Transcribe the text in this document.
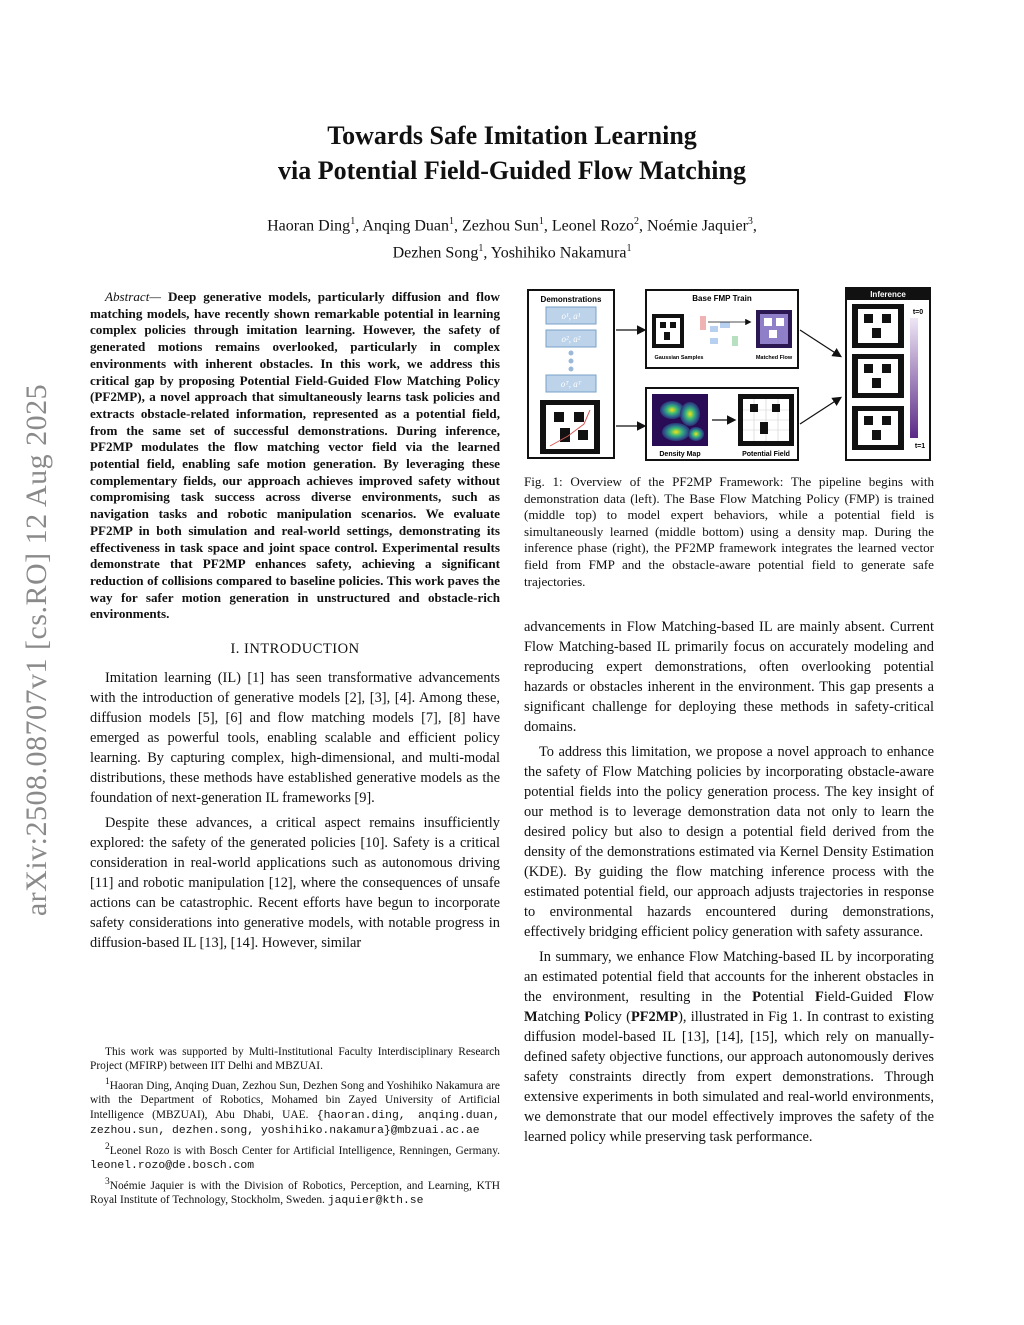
arXiv:2508.08707v1 [cs.RO] 12 Aug 2025
Towards Safe Imitation Learning
via Potential Field-Guided Flow Matching
Haoran Ding$^1$, Anqing Duan$^1$, Zezhou Sun$^1$, Leonel Rozo$^2$, Noémie Jaquier$^3$,
Dezhen Song$^1$, Yoshihiko Nakamura$^1$

Abstract— Deep generative models, particularly diffusion and flow matching models, have recently shown remarkable potential in learning complex policies through imitation learning. However, the safety of generated motions remains overlooked, particularly in complex environments with inherent obstacles. In this work, we address this critical gap by proposing Potential Field-Guided Flow Matching Policy (PF2MP), a novel approach that simultaneously learns task policies and extracts obstacle-related information, represented as a potential field, from the same set of successful demonstrations. During inference, PF2MP modulates the flow matching vector field via the learned potential field, enabling safe motion generation. By leveraging these complementary fields, our approach achieves improved safety without compromising task success across diverse environments, such as navigation tasks and robotic manipulation scenarios. We evaluate PF2MP in both simulation and real-world settings, demonstrating its effectiveness in task space and joint space control. Experimental results demonstrate that PF2MP enhances safety, achieving a significant reduction of collisions compared to baseline policies. This work paves the way for safer motion generation in unstructured and obstacle-rich environments.

I. INTRODUCTION

Imitation learning (IL) [1] has seen transformative advancements with the introduction of generative models [2], [3], [4]. Among these, diffusion models [5], [6] and flow matching models [7], [8] have emerged as powerful tools, enabling scalable and efficient policy learning. By capturing complex, high-dimensional, and multi-modal distributions, these methods have established generative models as the foundation of next-generation IL frameworks [9].

Despite these advances, a critical aspect remains insufficiently explored: the safety of the generated policies [10]. Safety is a critical consideration in real-world applications such as autonomous driving [11] and robotic manipulation [12], where the consequences of unsafe actions can be catastrophic. Recent efforts have begun to incorporate safety considerations into generative models, with notable progress in diffusion-based IL [13], [14]. However, similar

This work was supported by Multi-Institutional Faculty Interdisciplinary Research Project (MFIRP) between IIT Delhi and MBZUAI.

$^1$Haoran Ding, Anqing Duan, Zezhou Sun, Dezhen Song and Yoshihiko Nakamura are with the Department of Robotics, Mohamed bin Zayed University of Artificial Intelligence (MBZUAI), Abu Dhabi, UAE. {haoran.ding, anqing.duan, zezhou.sun, dezhen.song, yoshihiko.nakamura}@mbzuai.ac.ae

$^2$Leonel Rozo is with Bosch Center for Artificial Intelligence, Renningen, Germany. leonel.rozo@de.bosch.com

$^3$Noémie Jaquier is with the Division of Robotics, Perception, and Learning, KTH Royal Institute of Technology, Stockholm, Sweden. jaquier@kth.se

Demonstrations
o¹, a¹
o², a²
oᵀ, aᵀ
Base FMP Train
Gaussian Samples	Matched Flow
Density Map	Potential Field
Inference
t=0
t=1
Fig. 1: Overview of the PF2MP Framework: The pipeline begins with demonstration data (left). The Base Flow Matching Policy (FMP) is trained (middle top) to model expert behaviors, while a potential field is simultaneously learned (middle bottom) using a density map. During the inference phase (right), the PF2MP framework integrates the learned vector field from FMP and the obstacle-aware potential field to generate safe trajectories.

advancements in Flow Matching-based IL are mainly absent. Current Flow Matching-based IL primarily focus on accurately modeling and reproducing expert demonstrations, often overlooking potential hazards or obstacles inherent in the environment. This gap presents a significant challenge for deploying these methods in safety-critical domains.

To address this limitation, we propose a novel approach to enhance the safety of Flow Matching policies by incorporating obstacle-aware potential fields into the policy generation process. The key insight of our method is to leverage demonstration data not only to learn the desired policy but also to design a potential field derived from the density of the demonstrations estimated via Kernel Density Estimation (KDE). By guiding the flow matching inference process with the estimated potential field, our approach adjusts trajectories in response to environmental hazards encountered during demonstrations, effectively bridging efficient policy generation with safety assurance.

In summary, we enhance Flow Matching-based IL by incorporating an estimated potential field that accounts for the inherent obstacles in the environment, resulting in the Potential Field-Guided Flow Matching Policy (PF2MP), illustrated in Fig 1. In contrast to existing diffusion model-based IL [13], [14], [15], which rely on manually-defined safety objective functions, our approach autonomously derives safety constraints directly from expert demonstrations. Through extensive experiments in both simulated and real-world environments, we demonstrate that our model effectively improves the safety of the learned policy while preserving task performance.
